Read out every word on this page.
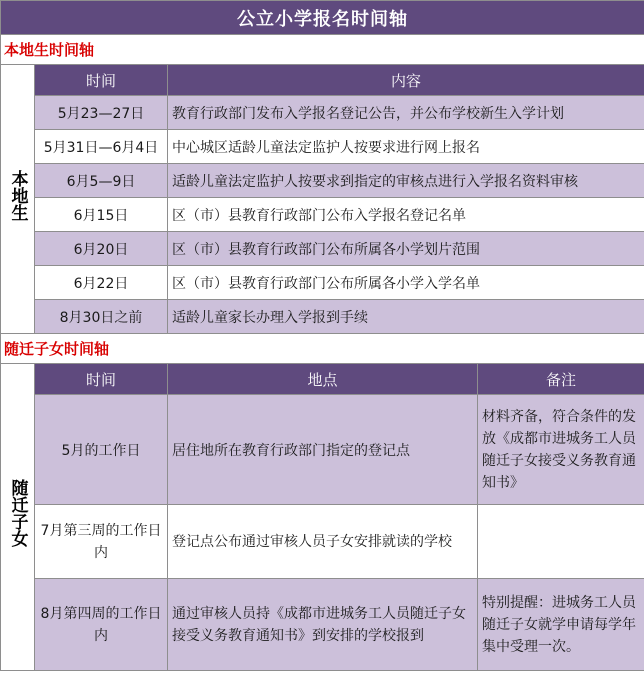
公立小学报名时间轴			
本地生时间轴			
本地生	时间	内容	
	5月23—27日	教育行政部门发布入学报名登记公告，并公布学校新生入学计划	
	5月31日—6月4日	中心城区适龄儿童法定监护人按要求进行网上报名	
	6月5—9日	适龄儿童法定监护人按要求到指定的审核点进行入学报名资料审核	
	6月15日	区（市）县教育行政部门公布入学报名登记名单	
	6月20日	区（市）县教育行政部门公布所属各小学划片范围	
	6月22日	区（市）县教育行政部门公布所属各小学入学名单	
	8月30日之前	适龄儿童家长办理入学报到手续	
随迁子女时间轴			
随迁子女	时间	地点	备注
	5月的工作日	居住地所在教育行政部门指定的登记点	材料齐备，符合条件的发放《成都市进城务工人员随迁子女接受义务教育通知书》
	7月第三周的工作日内	登记点公布通过审核人员子女安排就读的学校	
	8月第四周的工作日内	通过审核人员持《成都市进城务工人员随迁子女接受义务教育通知书》到安排的学校报到	特别提醒：进城务工人员随迁子女就学申请每学年集中受理一次。
